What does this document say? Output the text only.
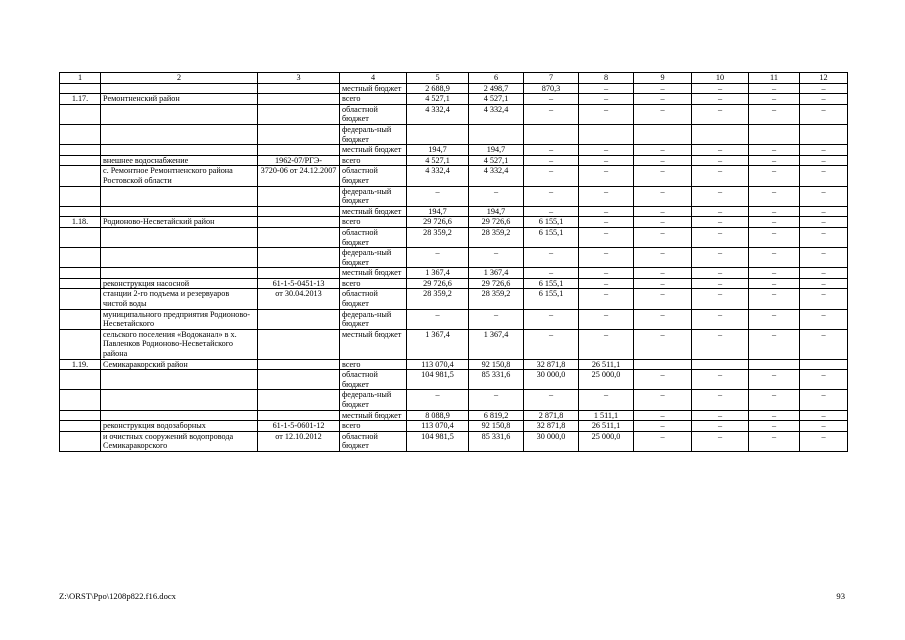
1	2	3	4	5	6	7	8	9	10	11	12
			местный бюджет	2 688,9	2 498,7	870,3	–	–	–	–	–
1.17.	Ремонтненский район		всего	4 527,1	4 527,1	–	–	–	–	–	–
			областной бюджет	4 332,4	4 332,4	–	–	–	–	–	–
			федераль-ный бюджет								
			местный бюджет	194,7	194,7	–	–	–	–	–	–
	внешнее водоснабжение	1962-07/РГЭ-	всего	4 527,1	4 527,1	–	–	–	–	–	–
	с. Ремонтное Ремонтненского района Ростовской области	3720-06 от 24.12.2007	областной бюджет	4 332,4	4 332,4	–	–	–	–	–	–
			федераль-ный бюджет	–	–	–	–	–	–	–	–
			местный бюджет	194,7	194,7	–	–	–	–	–	–
1.18.	Родионово-Несветайский район		всего	29 726,6	29 726,6	6 155,1	–	–	–	–	–
			областной бюджет	28 359,2	28 359,2	6 155,1	–	–	–	–	–
			федераль-ный бюджет	–	–	–	–	–	–	–	–
			местный бюджет	1 367,4	1 367,4	–	–	–	–	–	–
	реконструкция насосной	61-1-5-0451-13	всего	29 726,6	29 726,6	6 155,1	–	–	–	–	–
	станции 2-го подъема и резервуаров чистой воды	от 30.04.2013	областной бюджет	28 359,2	28 359,2	6 155,1	–	–	–	–	–
	муниципального предприятия Родионово-Несветайского		федераль-ный бюджет	–	–	–	–	–	–	–	–
	сельского поселения «Водоканал» в х. Павленков Родионово-Несветайского района		местный бюджет	1 367,4	1 367,4	–	–	–	–	–	–
1.19.	Семикаракорский район		всего	113 070,4	92 150,8	32 871,8	26 511,1				
			областной бюджет	104 981,5	85 331,6	30 000,0	25 000,0	–	–	–	–
			федераль-ный бюджет	–	–	–	–	–	–	–	–
			местный бюджет	8 088,9	6 819,2	2 871,8	1 511,1	–	–	–	–
	реконструкция водозаборных	61-1-5-0601-12	всего	113 070,4	92 150,8	32 871,8	26 511,1	–	–	–	–
	и очистных сооружений водопровода Семикаракорского	от 12.10.2012	областной бюджет	104 981,5	85 331,6	30 000,0	25 000,0	–	–	–	–
Z:\ORST\Ppo\1208p822.f16.docx	93
